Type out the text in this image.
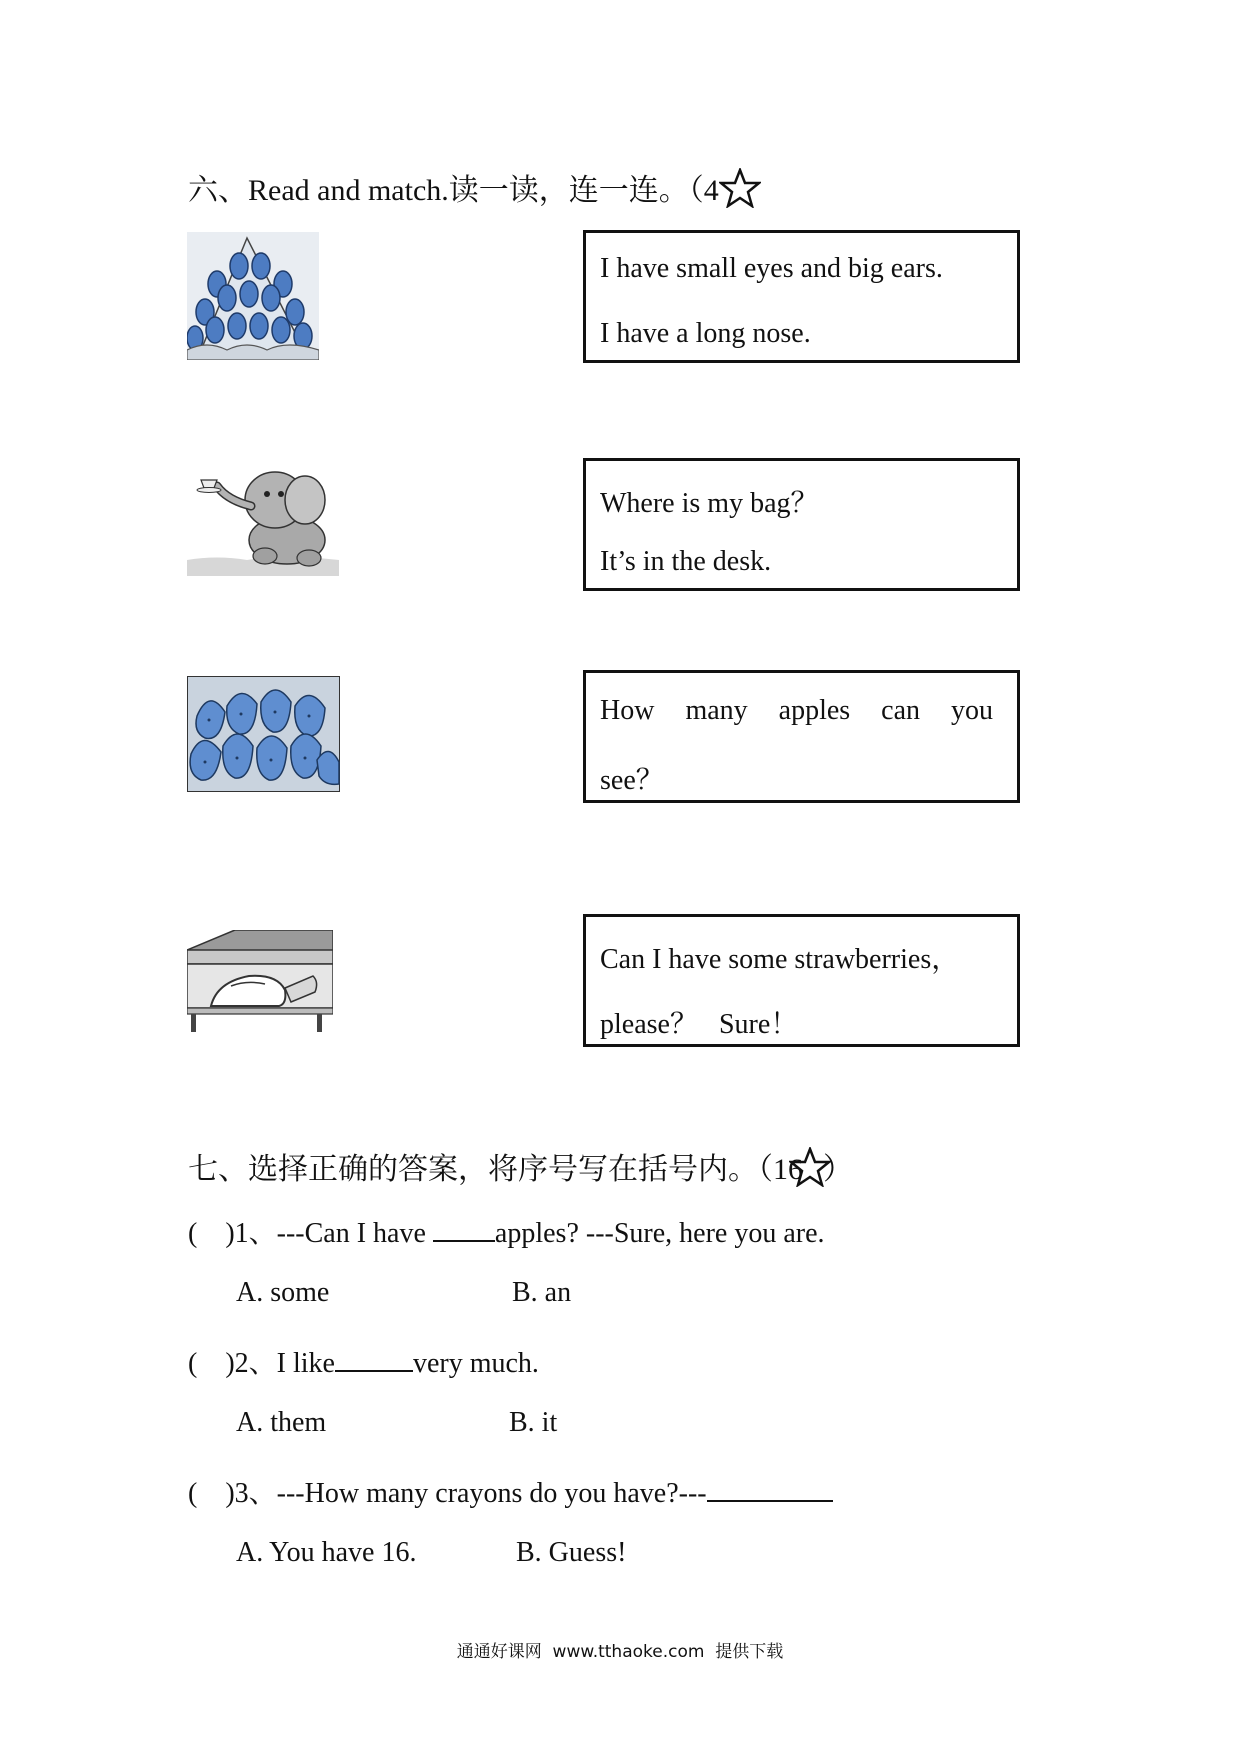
六、Read and match.读一读，连一连。（4
I have small eyes and big ears.
I have a long nose.
Where is my bag？
It’s in the desk.
How many apples can you
see？
Can I have some strawberries，
please？   Sure！
七、选择正确的答案，将序号写在括号内。（16 ）
( )1、---Can I have apples? ---Sure, here you are.
A. some	B. an
( )2、I like	very much.
A. them	B. it
( )3、---How many crayons do you have?---
A. You have 16.	B. Guess!
通通好课网  www.tthaoke.com  提供下载
